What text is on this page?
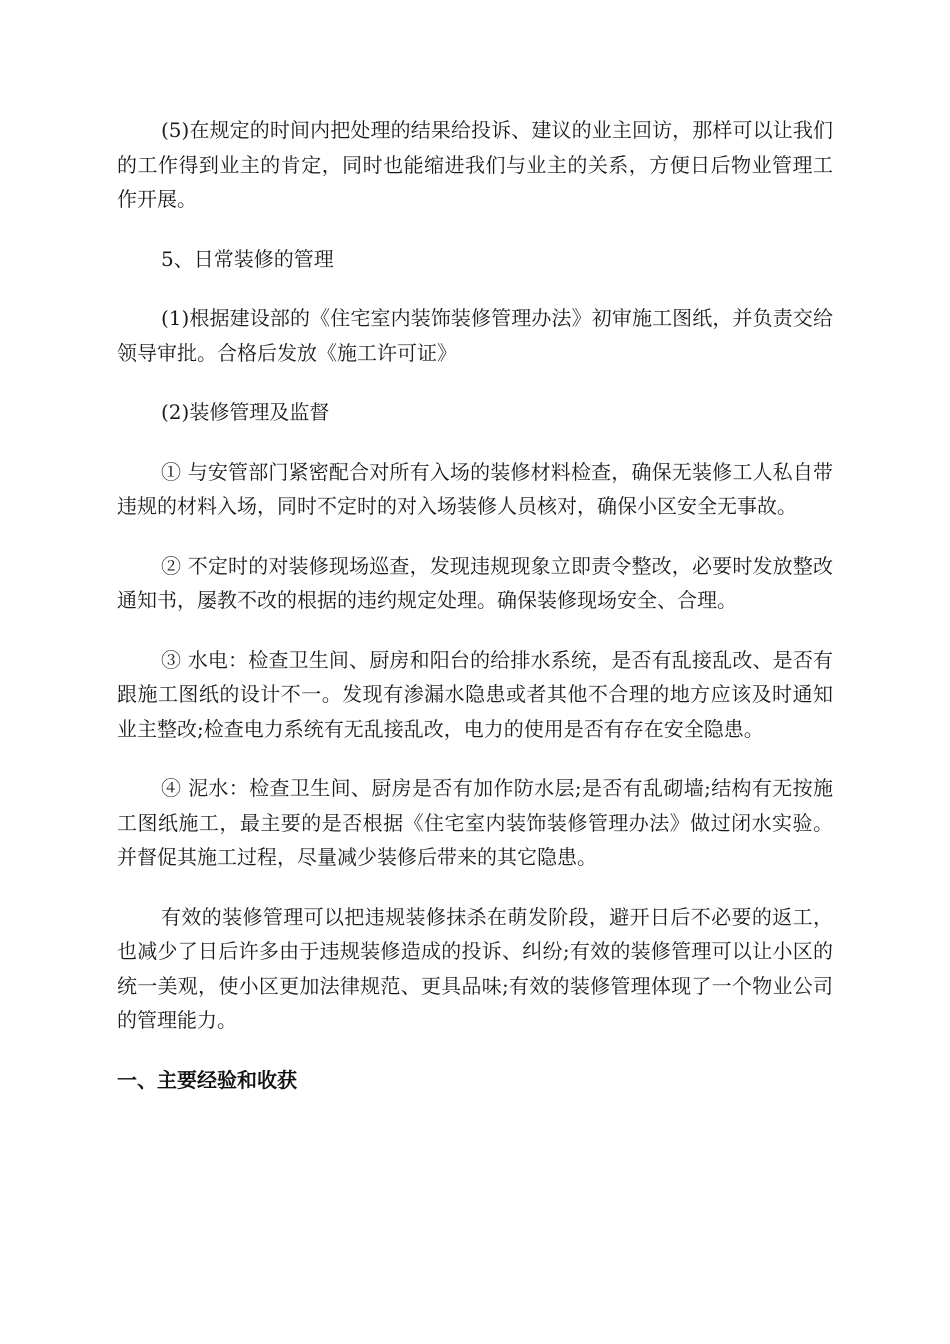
(5)在规定的时间内把处理的结果给投诉、建议的业主回访，那样可以让我们的工作得到业主的肯定，同时也能缩进我们与业主的关系，方便日后物业管理工作开展。

5、日常装修的管理

(1)根据建设部的《住宅室内装饰装修管理办法》初审施工图纸，并负责交给领导审批。合格后发放《施工许可证》

(2)装修管理及监督

① 与安管部门紧密配合对所有入场的装修材料检查，确保无装修工人私自带违规的材料入场，同时不定时的对入场装修人员核对，确保小区安全无事故。

② 不定时的对装修现场巡查，发现违规现象立即责令整改，必要时发放整改通知书，屡教不改的根据的违约规定处理。确保装修现场安全、合理。

③ 水电：检查卫生间、厨房和阳台的给排水系统，是否有乱接乱改、是否有跟施工图纸的设计不一。发现有渗漏水隐患或者其他不合理的地方应该及时通知业主整改;检查电力系统有无乱接乱改，电力的使用是否有存在安全隐患。

④ 泥水：检查卫生间、厨房是否有加作防水层;是否有乱砌墙;结构有无按施工图纸施工，最主要的是否根据《住宅室内装饰装修管理办法》做过闭水实验。并督促其施工过程，尽量减少装修后带来的其它隐患。

有效的装修管理可以把违规装修抹杀在萌发阶段，避开日后不必要的返工，也减少了日后许多由于违规装修造成的投诉、纠纷;有效的装修管理可以让小区的统一美观，使小区更加法律规范、更具品味;有效的装修管理体现了一个物业公司的管理能力。

一、主要经验和收获
